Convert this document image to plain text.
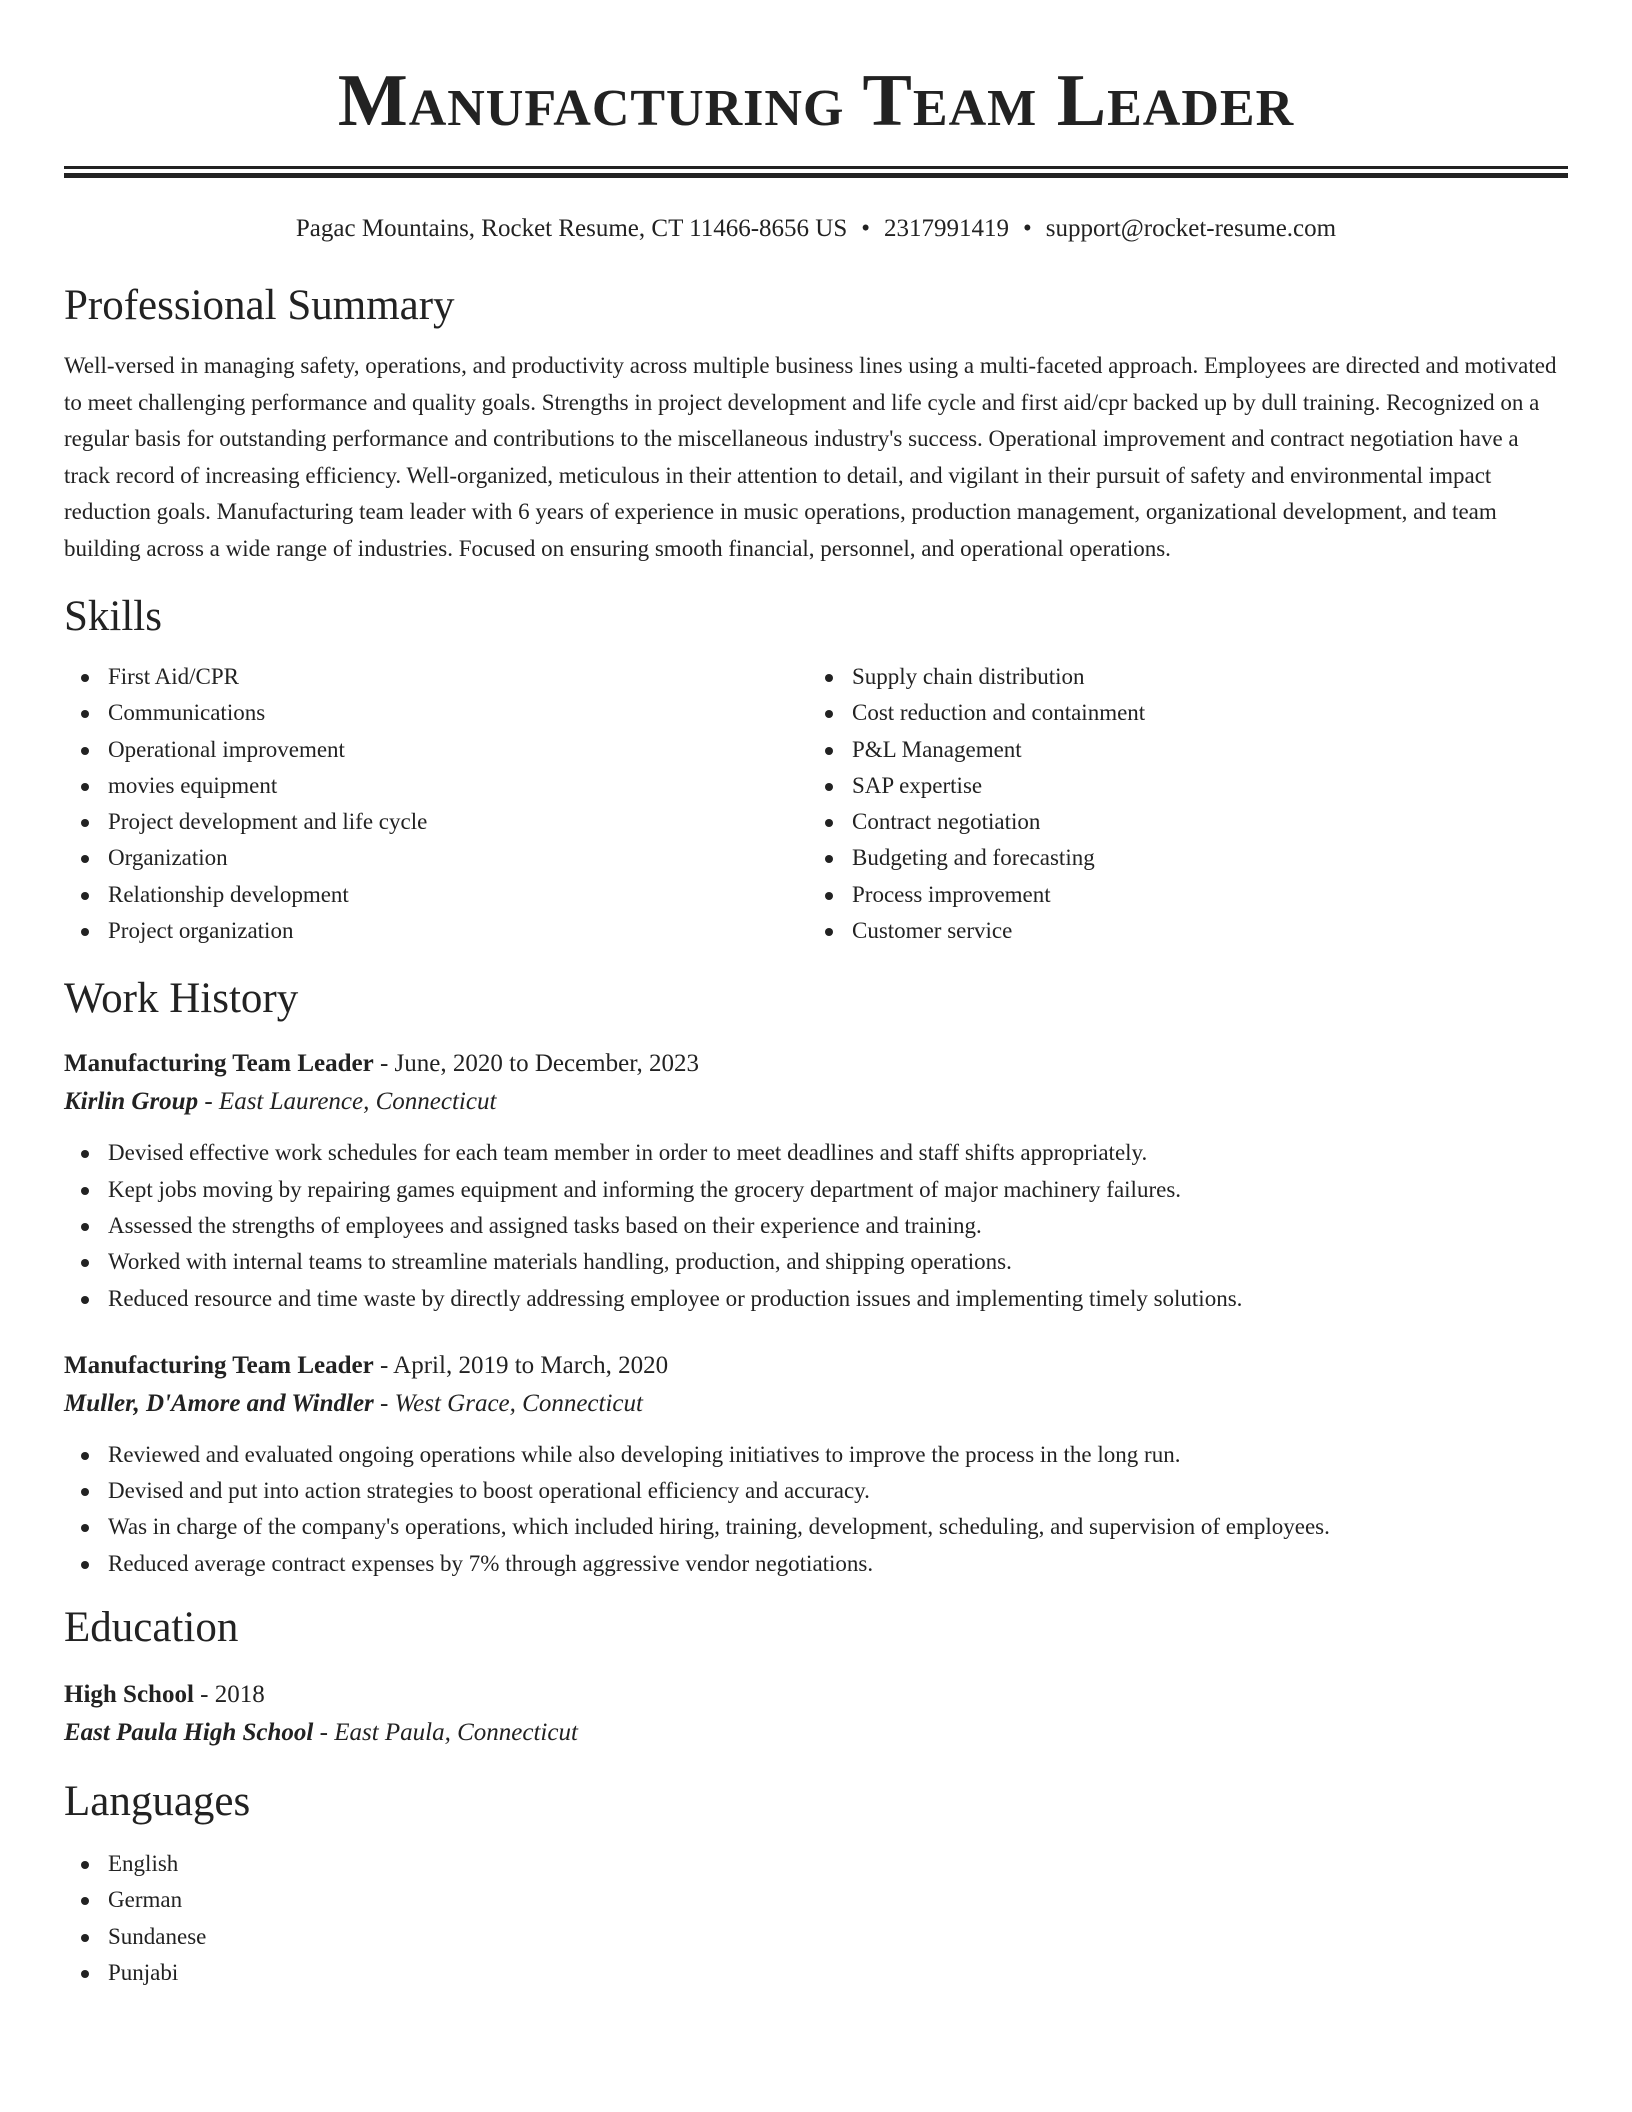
Manufacturing Team Leader
Pagac Mountains, Rocket Resume, CT 11466-8656 US • 2317991419 • support@rocket-resume.com
Professional Summary

Well-versed in managing safety, operations, and productivity across multiple business lines using a multi-faceted approach. Employees are directed and motivated to meet challenging performance and quality goals. Strengths in project development and life cycle and first aid/cpr backed up by dull training. Recognized on a regular basis for outstanding performance and contributions to the miscellaneous industry's success. Operational improvement and contract negotiation have a track record of increasing efficiency. Well-organized, meticulous in their attention to detail, and vigilant in their pursuit of safety and environmental impact reduction goals. Manufacturing team leader with 6 years of experience in music operations, production management, organizational development, and team building across a wide range of industries. Focused on ensuring smooth financial, personnel, and operational operations.

Skills
First Aid/CPR
Communications
Operational improvement
movies equipment
Project development and life cycle
Organization
Relationship development
Project organization
Supply chain distribution
Cost reduction and containment
P&L Management
SAP expertise
Contract negotiation
Budgeting and forecasting
Process improvement
Customer service
Work History
Manufacturing Team Leader - June, 2020 to December, 2023
Kirlin Group - East Laurence, Connecticut
Devised effective work schedules for each team member in order to meet deadlines and staff shifts appropriately.
Kept jobs moving by repairing games equipment and informing the grocery department of major machinery failures.
Assessed the strengths of employees and assigned tasks based on their experience and training.
Worked with internal teams to streamline materials handling, production, and shipping operations.
Reduced resource and time waste by directly addressing employee or production issues and implementing timely solutions.
Manufacturing Team Leader - April, 2019 to March, 2020
Muller, D'Amore and Windler - West Grace, Connecticut
Reviewed and evaluated ongoing operations while also developing initiatives to improve the process in the long run.
Devised and put into action strategies to boost operational efficiency and accuracy.
Was in charge of the company's operations, which included hiring, training, development, scheduling, and supervision of employees.
Reduced average contract expenses by 7% through aggressive vendor negotiations.
Education
High School - 2018
East Paula High School - East Paula, Connecticut
Languages
English
German
Sundanese
Punjabi
